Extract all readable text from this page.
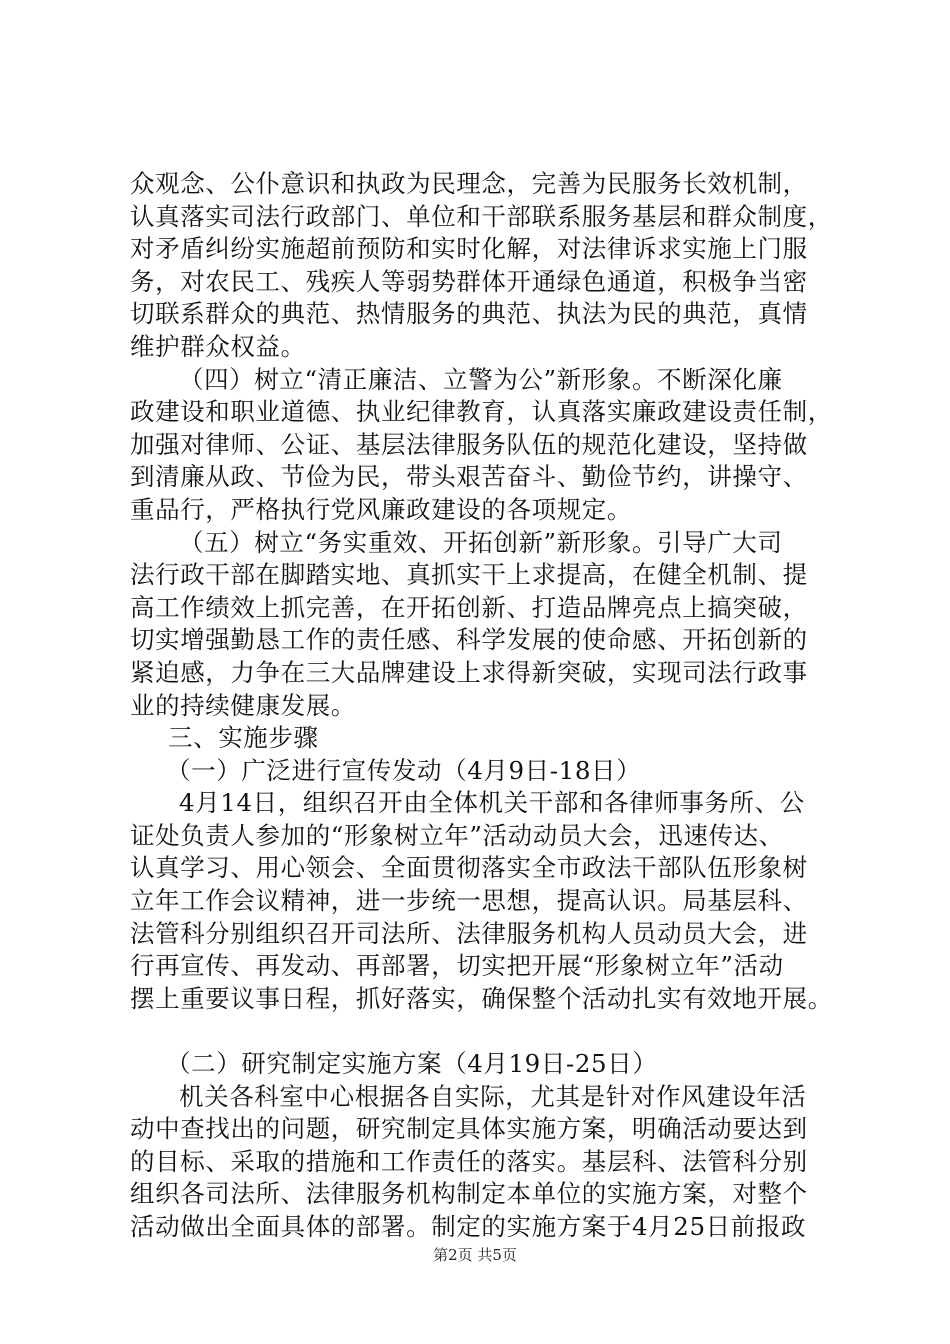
众观念、公仆意识和执政为民理念，完善为民服务长效机制，
认真落实司法行政部门、单位和干部联系服务基层和群众制度，
对矛盾纠纷实施超前预防和实时化解，对法律诉求实施上门服
务，对农民工、残疾人等弱势群体开通绿色通道，积极争当密
切联系群众的典范、热情服务的典范、执法为民的典范，真情
维护群众权益。
（四）树立“清正廉洁、立警为公”新形象。不断深化廉
政建设和职业道德、执业纪律教育，认真落实廉政建设责任制，
加强对律师、公证、基层法律服务队伍的规范化建设，坚持做
到清廉从政、节俭为民，带头艰苦奋斗、勤俭节约，讲操守、
重品行，严格执行党风廉政建设的各项规定。
（五）树立“务实重效、开拓创新”新形象。引导广大司
法行政干部在脚踏实地、真抓实干上求提高，在健全机制、提
高工作绩效上抓完善，在开拓创新、打造品牌亮点上搞突破，
切实增强勤恳工作的责任感、科学发展的使命感、开拓创新的
紧迫感，力争在三大品牌建设上求得新突破，实现司法行政事
业的持续健康发展。
三、实施步骤
（一）广泛进行宣传发动（4月9日-18日）
4月14日，组织召开由全体机关干部和各律师事务所、公
证处负责人参加的“形象树立年”活动动员大会，迅速传达、
认真学习、用心领会、全面贯彻落实全市政法干部队伍形象树
立年工作会议精神，进一步统一思想，提高认识。局基层科、
法管科分别组织召开司法所、法律服务机构人员动员大会，进
行再宣传、再发动、再部署，切实把开展“形象树立年”活动
摆上重要议事日程，抓好落实，确保整个活动扎实有效地开展。
（二）研究制定实施方案（4月19日-25日）
机关各科室中心根据各自实际，尤其是针对作风建设年活
动中查找出的问题，研究制定具体实施方案，明确活动要达到
的目标、采取的措施和工作责任的落实。基层科、法管科分别
组织各司法所、法律服务机构制定本单位的实施方案，对整个
活动做出全面具体的部署。制定的实施方案于4月25日前报政
第2页 共5页
